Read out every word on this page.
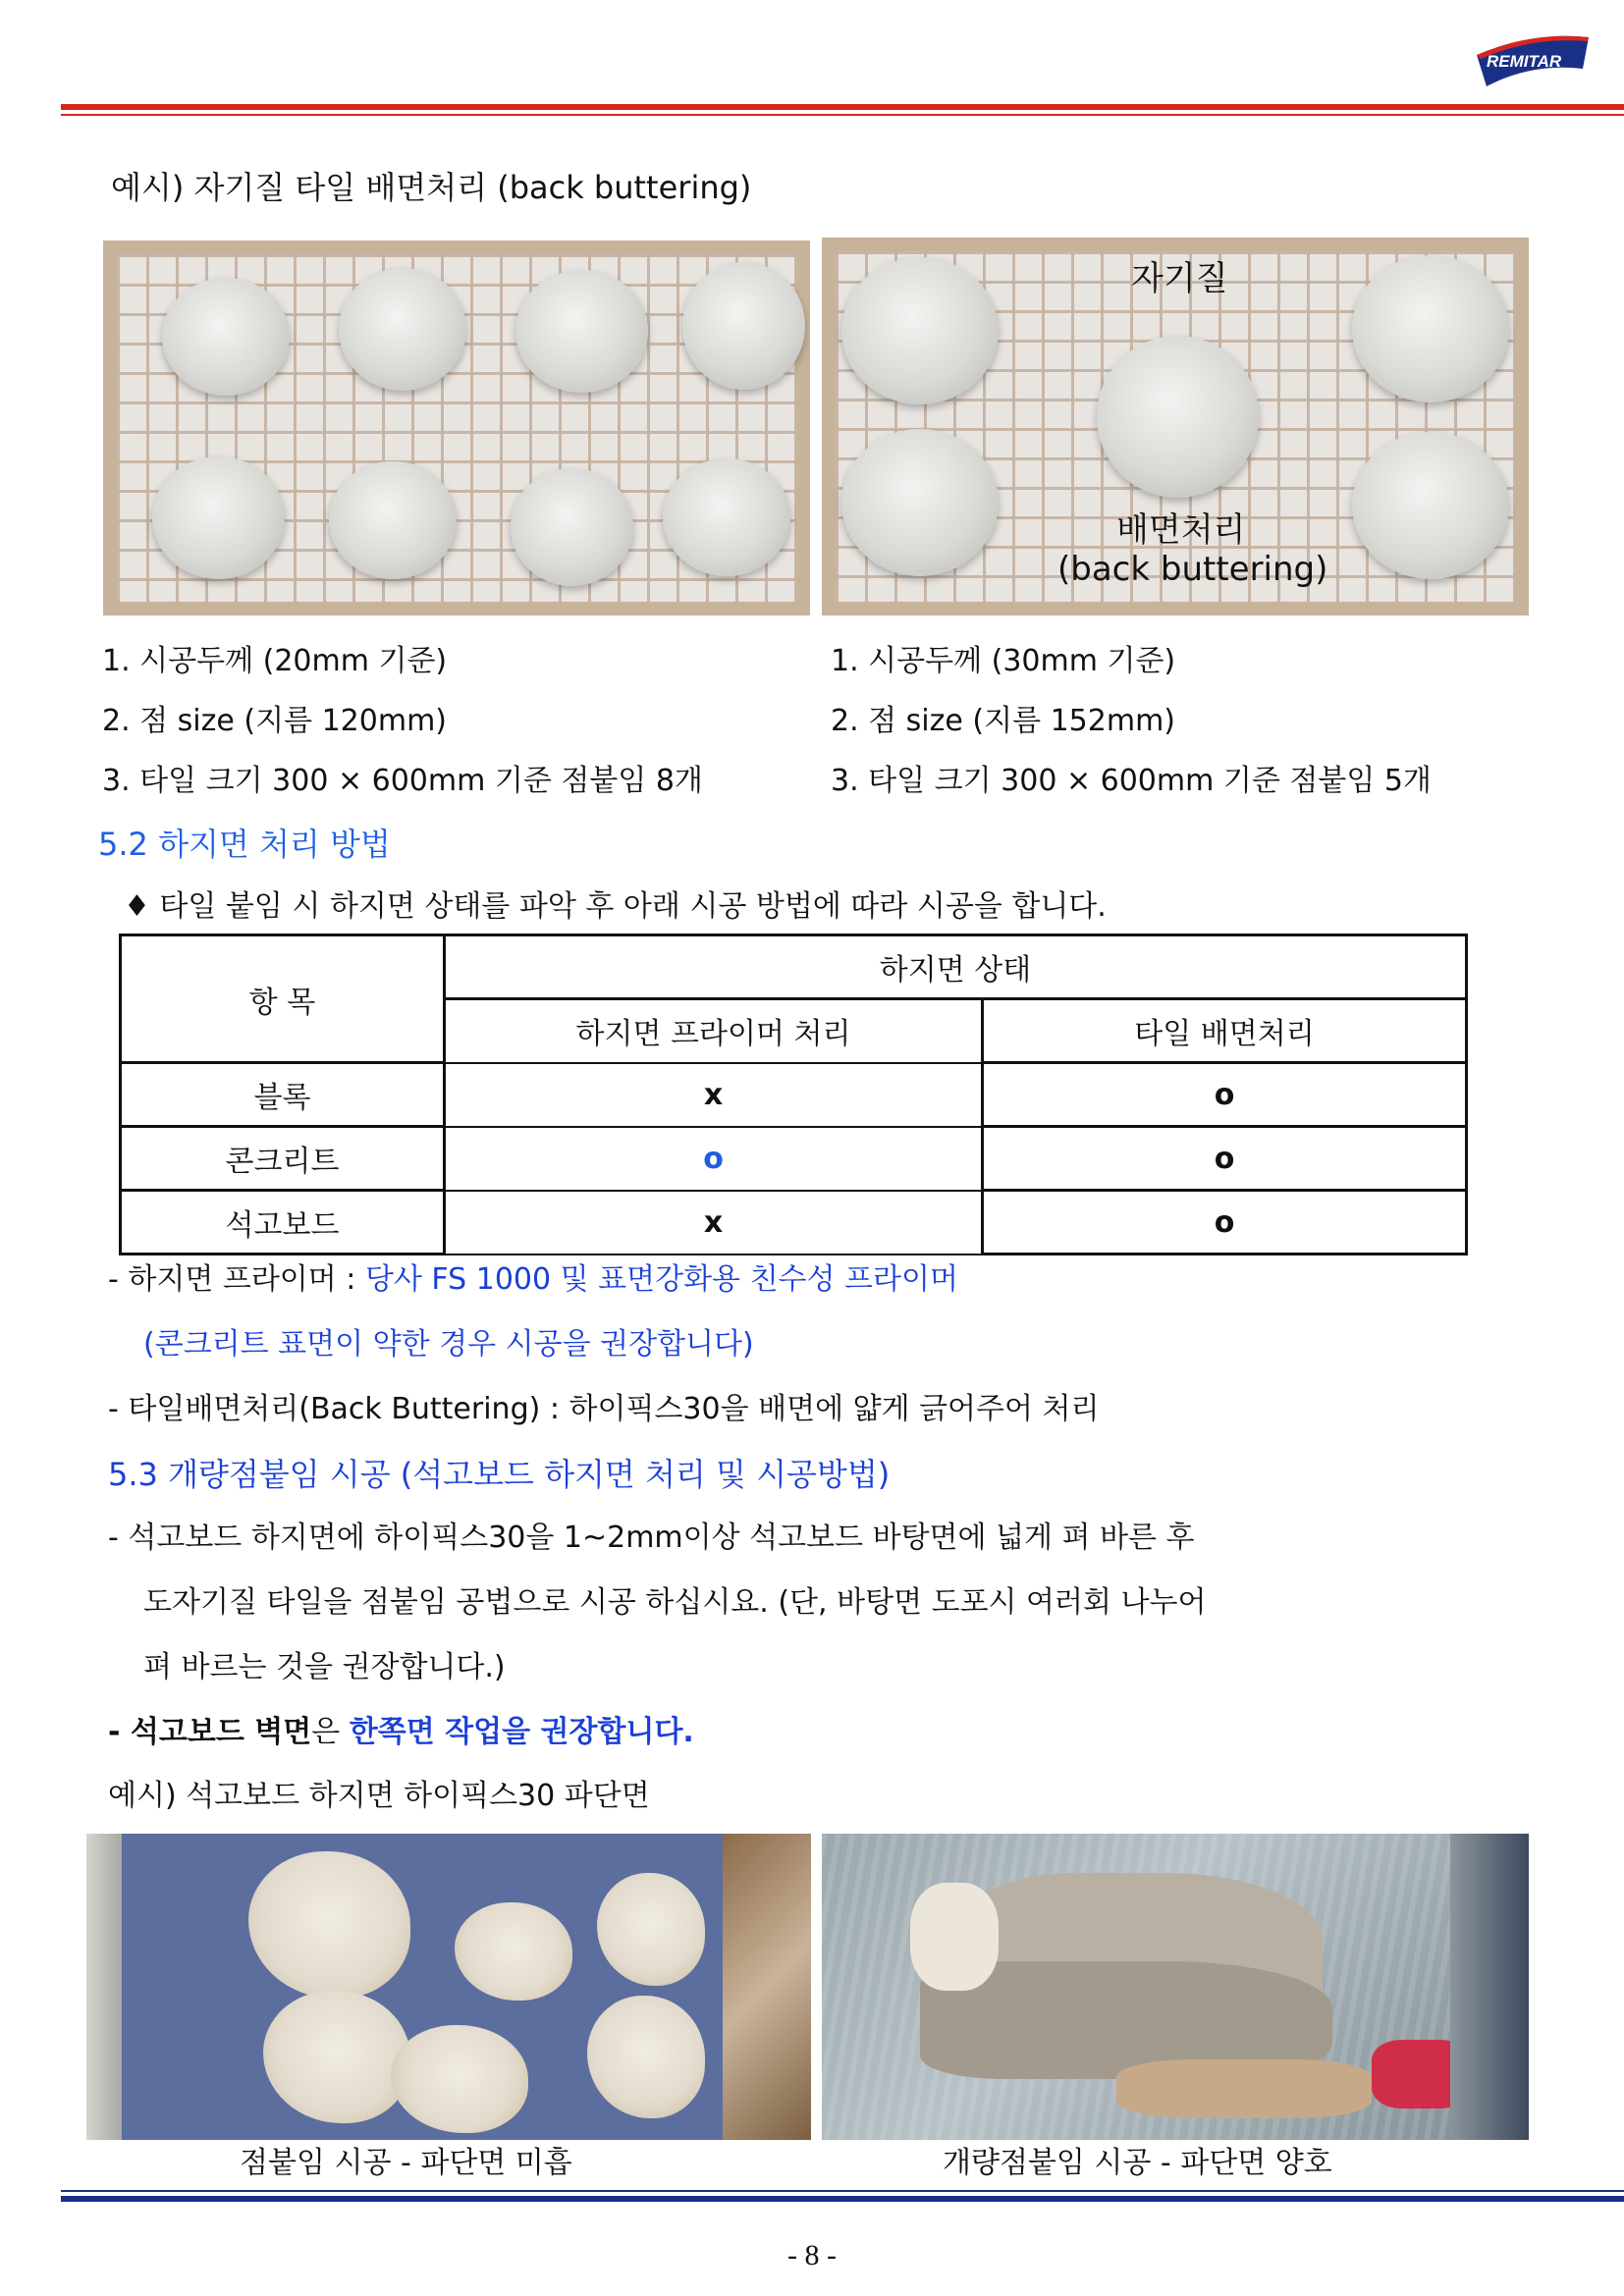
REMITAR
레미탈
예시) 자기질 타일 배면처리 (back buttering)
자기질
배면처리
(back buttering)
1. 시공두께 (20mm 기준)
2. 점 size (지름 120mm)
3. 타일 크기 300 × 600mm 기준 점붙임 8개
1. 시공두께 (30mm 기준)
2. 점 size (지름 152mm)
3. 타일 크기 300 × 600mm 기준 점붙임 5개
5.2 하지면 처리 방법
♦ 타일 붙임 시 하지면 상태를 파악 후 아래 시공 방법에 따라 시공을 합니다.
항 목	하지면 상태	
	하지면 프라이머 처리	타일 배면처리
블록	x	o
콘크리트	o	o
석고보드	x	o
- 하지면 프라이머 : 당사 FS 1000 및 표면강화용 친수성 프라이머
(콘크리트 표면이 약한 경우 시공을 권장합니다)
- 타일배면처리(Back Buttering) : 하이픽스30을 배면에 얇게 긁어주어 처리
5.3 개량점붙임 시공 (석고보드 하지면 처리 및 시공방법)
- 석고보드 하지면에 하이픽스30을 1~2mm이상 석고보드 바탕면에 넓게 펴 바른 후
도자기질 타일을 점붙임 공법으로 시공 하십시요. (단, 바탕면 도포시 여러회 나누어
펴 바르는 것을 권장합니다.)
- 석고보드 벽면은 한쪽면 작업을 권장합니다.
예시) 석고보드 하지면 하이픽스30 파단면
점붙임 시공 - 파단면 미흡	개량점붙임 시공 - 파단면 양호
- 8 -
